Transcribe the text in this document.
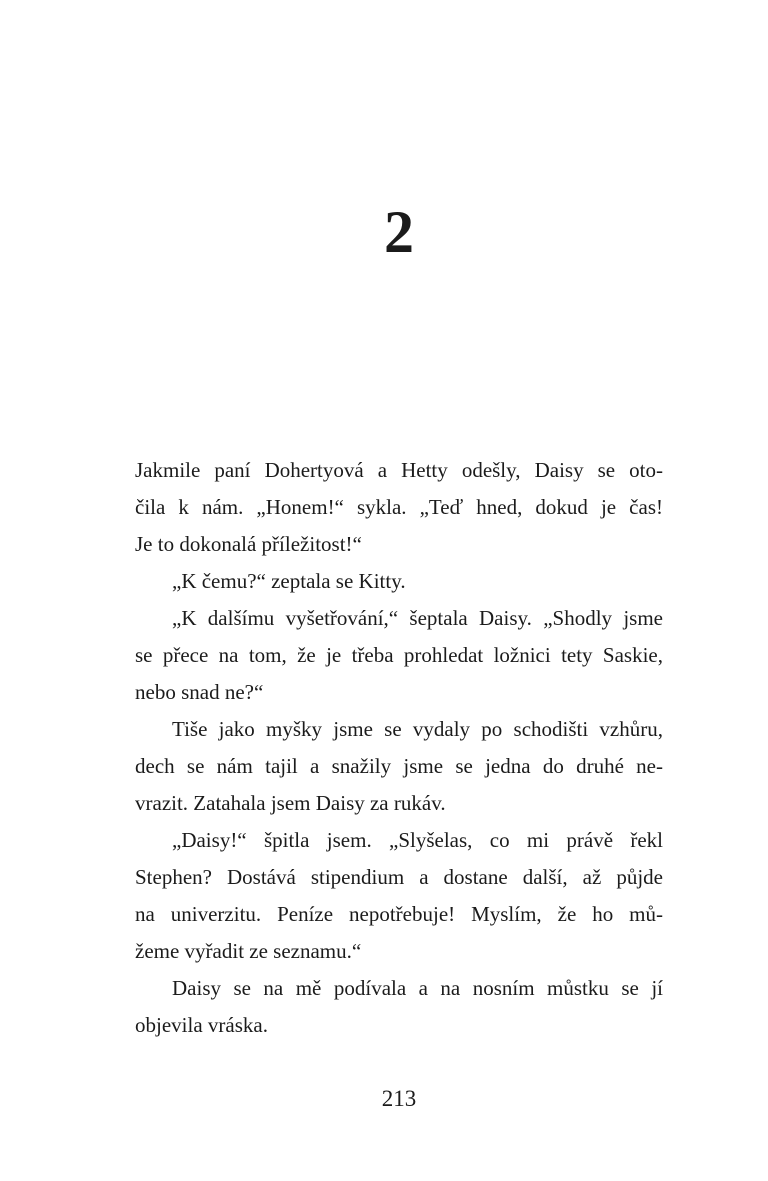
2
Jakmile paní Dohertyová a Hetty odešly, Daisy se oto-
čila k nám. „Honem!“ sykla. „Teď hned, dokud je čas!
Je to dokonalá příležitost!“
„K čemu?“ zeptala se Kitty.
„K dalšímu vyšetřování,“ šeptala Daisy. „Shodly jsme
se přece na tom, že je třeba prohledat ložnici tety Saskie,
nebo snad ne?“
Tiše jako myšky jsme se vydaly po schodišti vzhůru,
dech se nám tajil a snažily jsme se jedna do druhé ne-
vrazit. Zatahala jsem Daisy za rukáv.
„Daisy!“ špitla jsem. „Slyšelas, co mi právě řekl
Stephen? Dostává stipendium a dostane další, až půjde
na univerzitu. Peníze nepotřebuje! Myslím, že ho mů-
žeme vyřadit ze seznamu.“
Daisy se na mě podívala a na nosním můstku se jí
objevila vráska.
213
